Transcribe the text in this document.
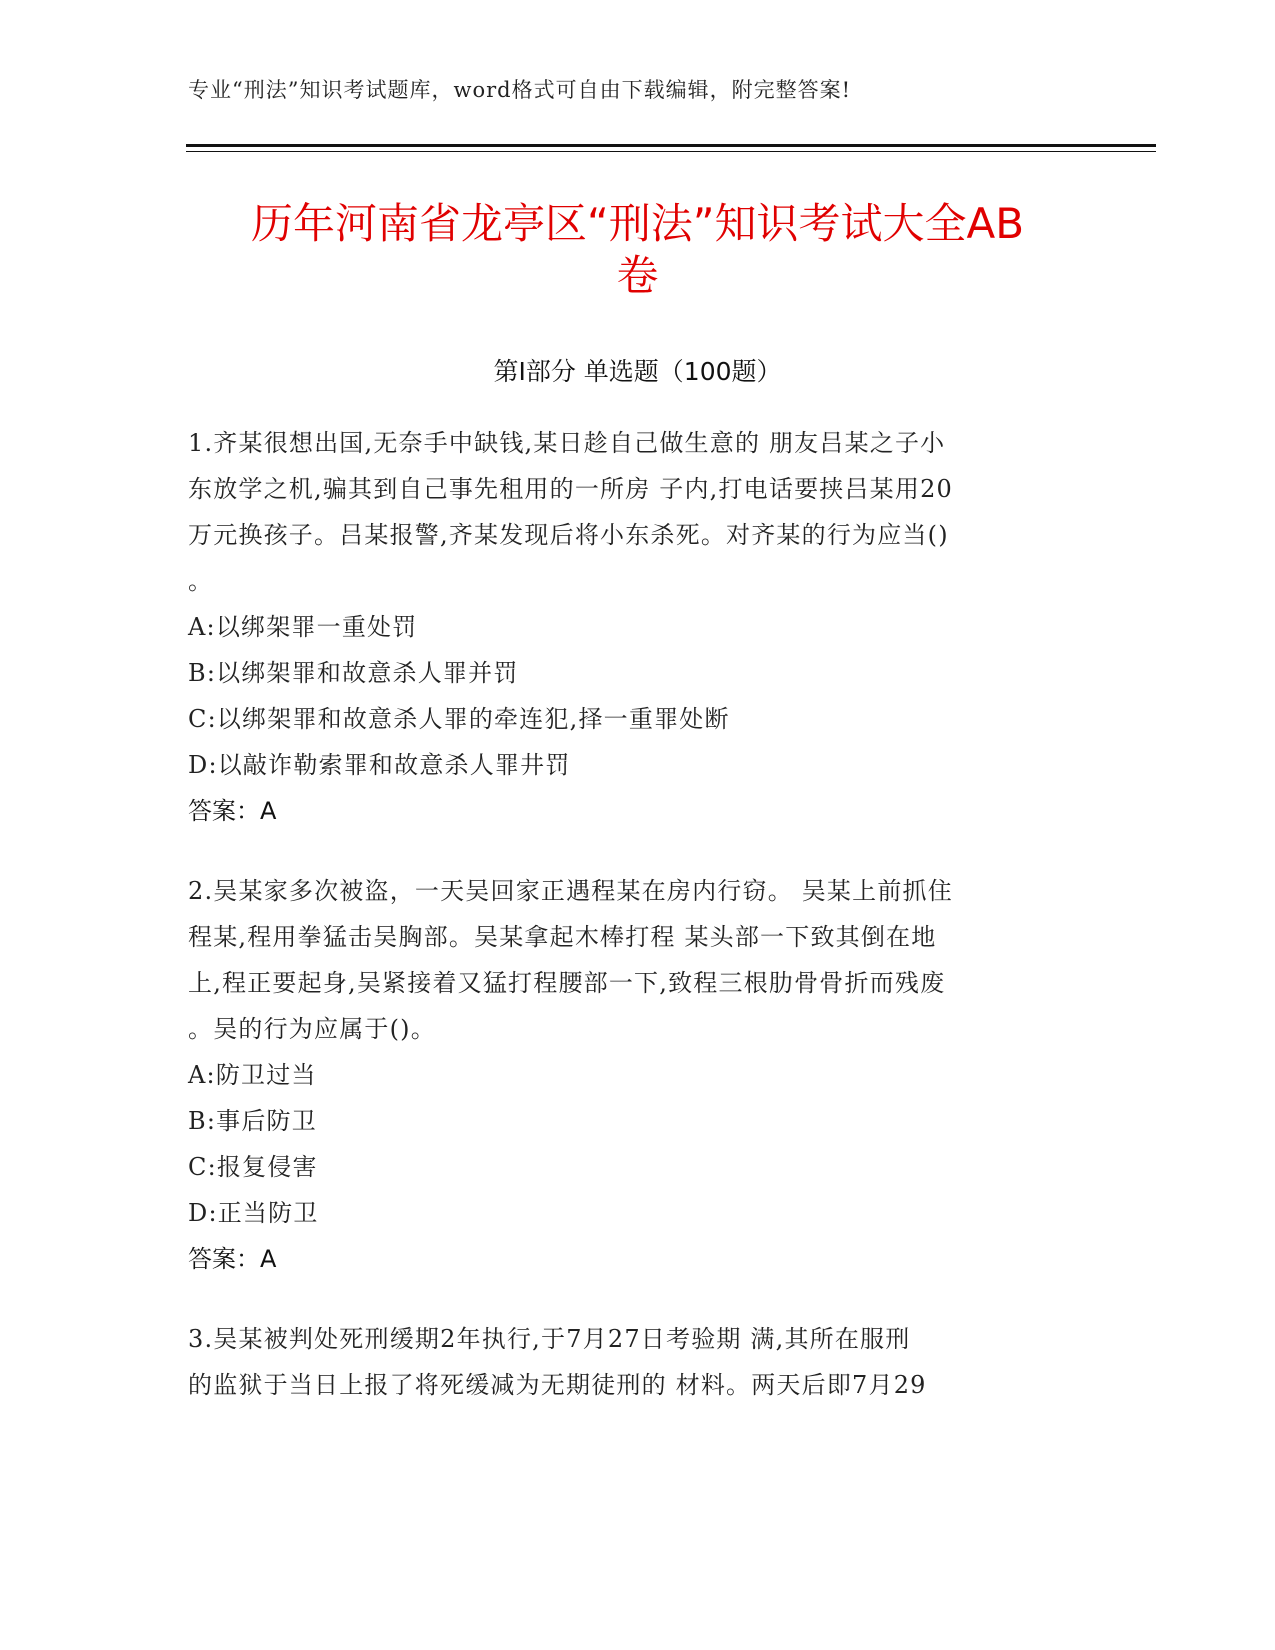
专业“刑法”知识考试题库，word格式可自由下载编辑，附完整答案!
历年河南省龙亭区“刑法”知识考试大全AB
卷
第Ⅰ部分 单选题（100题）
1.齐某很想出国,无奈手中缺钱,某日趁自己做生意的 朋友吕某之子小
东放学之机,骗其到自己事先租用的一所房 子内,打电话要挟吕某用20
万元换孩子。吕某报警,齐某发现后将小东杀死。对齐某的行为应当()
。
A:以绑架罪一重处罚
B:以绑架罪和故意杀人罪并罚
C:以绑架罪和故意杀人罪的牵连犯,择一重罪处断
D:以敲诈勒索罪和故意杀人罪井罚
答案：A
2.吴某家多次被盗，一天吴回家正遇程某在房内行窃。 吴某上前抓住
程某,程用拳猛击吴胸部。吴某拿起木棒打程 某头部一下致其倒在地
上,程正要起身,吴紧接着又猛打程腰部一下,致程三根肋骨骨折而残废
。吴的行为应属于()。
A:防卫过当
B:事后防卫
C:报复侵害
D:正当防卫
答案：A
3.吴某被判处死刑缓期2年执行,于7月27日考验期 满,其所在服刑
的监狱于当日上报了将死缓减为无期徒刑的 材料。两天后即7月29
